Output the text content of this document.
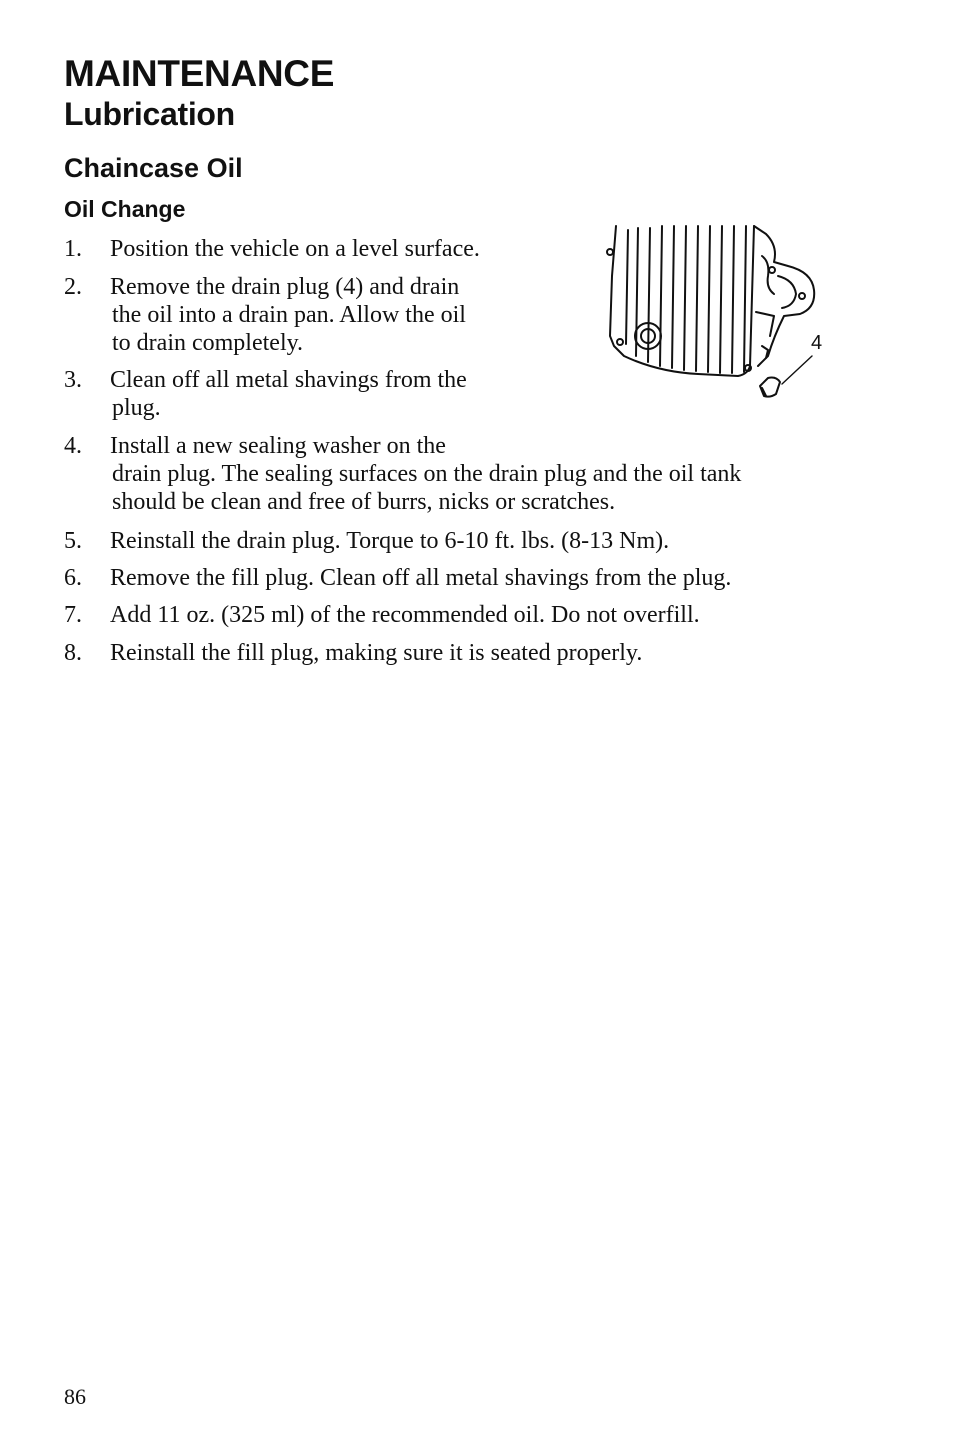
MAINTENANCE
Lubrication
Chaincase Oil
Oil Change
1.	Position the vehicle on a level surface.
2.	Remove the drain plug (4) and drain
the oil into a drain pan. Allow the oil
to drain completely.
3.	Clean off all metal shavings from the
plug.
4.	Install a new sealing washer on the
drain plug. The sealing surfaces on the drain plug and the oil tank
should be clean and free of burrs, nicks or scratches.
5.	Reinstall the drain plug. Torque to 6-10 ft. lbs. (8-13 Nm).
6.	Remove the fill plug. Clean off all metal shavings from the plug.
7.	Add 11 oz. (325 ml) of the recommended oil. Do not overfill.
8.	Reinstall the fill plug, making sure it is seated properly.
4
86
